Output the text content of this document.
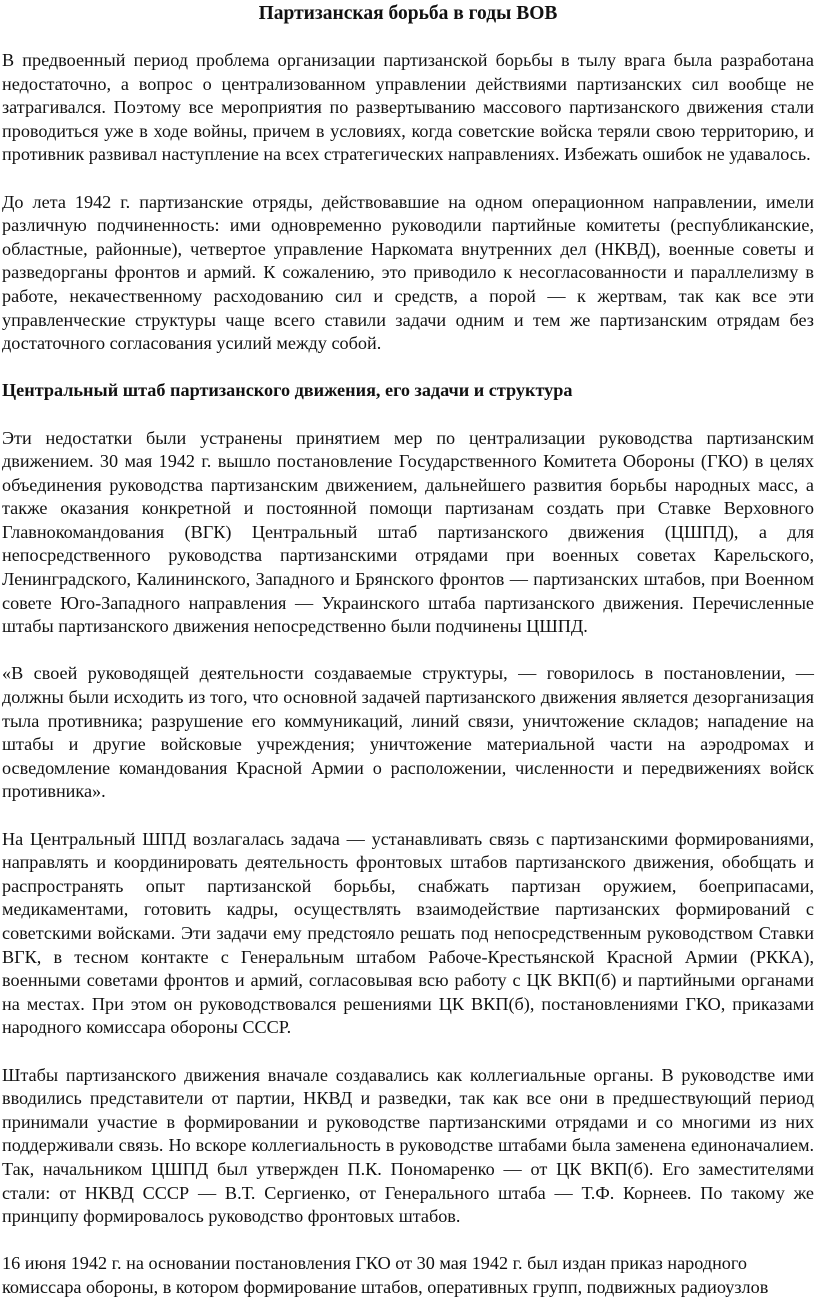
Партизанская борьба в годы ВОВ

В предвоенный период проблема организации партизанской борьбы в тылу врага была разработана недостаточно, а вопрос о централизованном управлении действиями партизанских сил вообще не затрагивался. Поэтому все мероприятия по развертыванию массового партизанского движения стали проводиться уже в ходе войны, причем в условиях, когда советские войска теряли свою территорию, и противник развивал наступление на всех стратегических направлениях. Избежать ошибок не удавалось.

До лета 1942 г. партизанские отряды, действовавшие на одном операционном направлении, имели различную подчиненность: ими одновременно руководили партийные комитеты (республиканские, областные, районные), четвертое управление Наркомата внутренних дел (НКВД), военные советы и разведорганы фронтов и армий. К сожалению, это приводило к несогласованности и параллелизму в работе, некачественному расходованию сил и средств, а порой — к жертвам, так как все эти управленческие структуры чаще всего ставили задачи одним и тем же партизанским отрядам без достаточного согласования усилий между собой.

Центральный штаб партизанского движения, его задачи и структура

Эти недостатки были устранены принятием мер по централизации руководства партизанским движением. 30 мая 1942 г. вышло постановление Государственного Комитета Обороны (ГКО) в целях объединения руководства партизанским движением, дальнейшего развития борьбы народных масс, а также оказания конкретной и постоянной помощи партизанам создать при Ставке Верховного Главнокомандования (ВГК) Центральный штаб партизанского движения (ЦШПД), а для непосредственного руководства партизанскими отрядами при военных советах Карельского, Ленинградского, Калининского, Западного и Брянского фронтов — партизанских штабов, при Военном совете Юго-Западного направления — Украинского штаба партизанского движения. Перечисленные штабы партизанского движения непосредственно были подчинены ЦШПД.

«В своей руководящей деятельности создаваемые структуры, — говорилось в постановлении, — должны были исходить из того, что основной задачей партизанского движения является дезорганизация тыла противника; разрушение его коммуникаций, линий связи, уничтожение складов; нападение на штабы и другие войсковые учреждения; уничтожение материальной части на аэродромах и осведомление командования Красной Армии о расположении, численности и передвижениях войск противника».

На Центральный ШПД возлагалась задача — устанавливать связь с партизанскими формированиями, направлять и координировать деятельность фронтовых штабов партизанского движения, обобщать и распространять опыт партизанской борьбы, снабжать партизан оружием, боеприпасами, медикаментами, готовить кадры, осуществлять взаимодействие партизанских формирований с советскими войсками. Эти задачи ему предстояло решать под непосредственным руководством Ставки ВГК, в тесном контакте с Генеральным штабом Рабоче-Крестьянской Красной Армии (РККА), военными советами фронтов и армий, согласовывая всю работу с ЦК ВКП(б) и партийными органами на местах. При этом он руководствовался решениями ЦК ВКП(б), постановлениями ГКО, приказами народного комиссара обороны СССР.

Штабы партизанского движения вначале создавались как коллегиальные органы. В руководстве ими вводились представители от партии, НКВД и разведки, так как все они в предшествующий период принимали участие в формировании и руководстве партизанскими отрядами и со многими из них поддерживали связь. Но вскоре коллегиальность в руководстве штабами была заменена единоначалием. Так, начальником ЦШПД был утвержден П.К. Пономаренко — от ЦК ВКП(б). Его заместителями стали: от НКВД СССР — В.Т. Сергиенко, от Генерального штаба — Т.Ф. Корнеев. По такому же принципу формировалось руководство фронтовых штабов.

16 июня 1942 г. на основании постановления ГКО от 30 мая 1942 г. был издан приказ народного комиссара обороны, в котором формирование штабов, оперативных групп, подвижных радиоузлов
